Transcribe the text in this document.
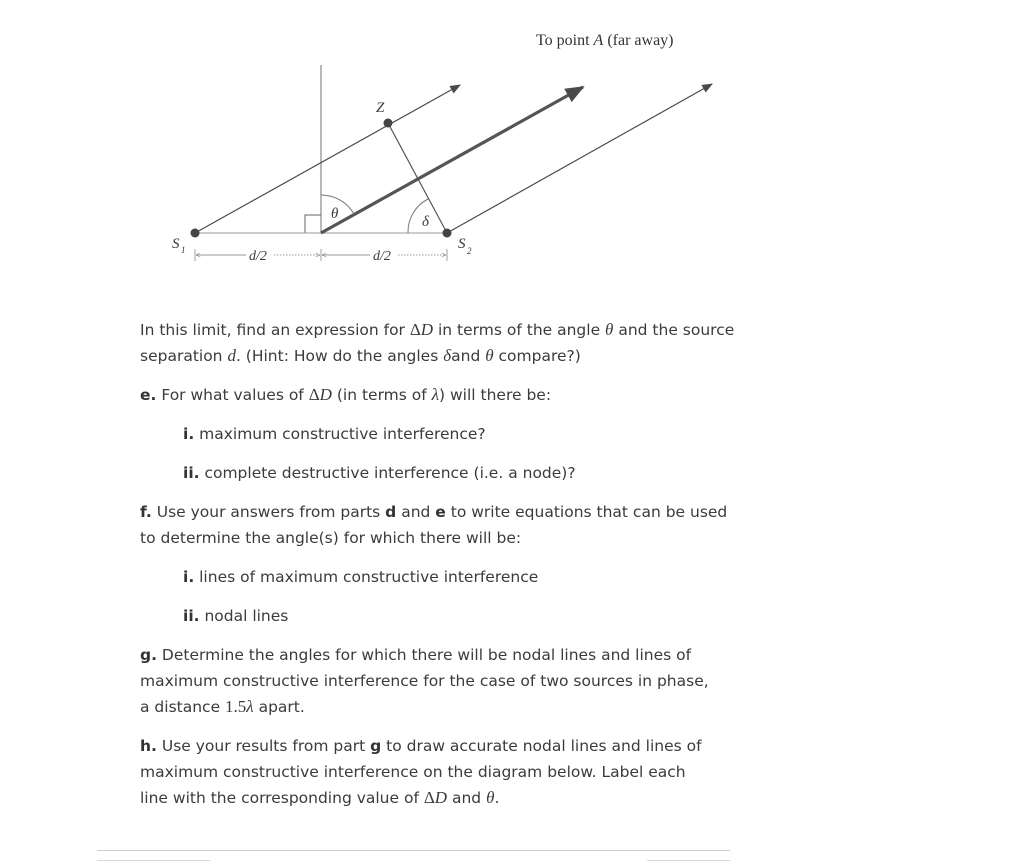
To point A (far away)
Z
θ	δ
S 1	S 2
d/2	d/2

In this limit, find an expression for ΔD in terms of the angle θ and the source separation d. (Hint: How do the angles δand θ compare?)

e. For what values of ΔD (in terms of λ) will there be:

i. maximum constructive interference?

ii. complete destructive interference (i.e. a node)?

f. Use your answers from parts d and e to write equations that can be used to determine the angle(s) for which there will be:

i. lines of maximum constructive interference

ii. nodal lines

g. Determine the angles for which there will be nodal lines and lines of maximum constructive interference for the case of two sources in phase, a distance 1.5λ apart.

h. Use your results from part g to draw accurate nodal lines and lines of maximum constructive interference on the diagram below. Label each line with the corresponding value of ΔD and θ.
